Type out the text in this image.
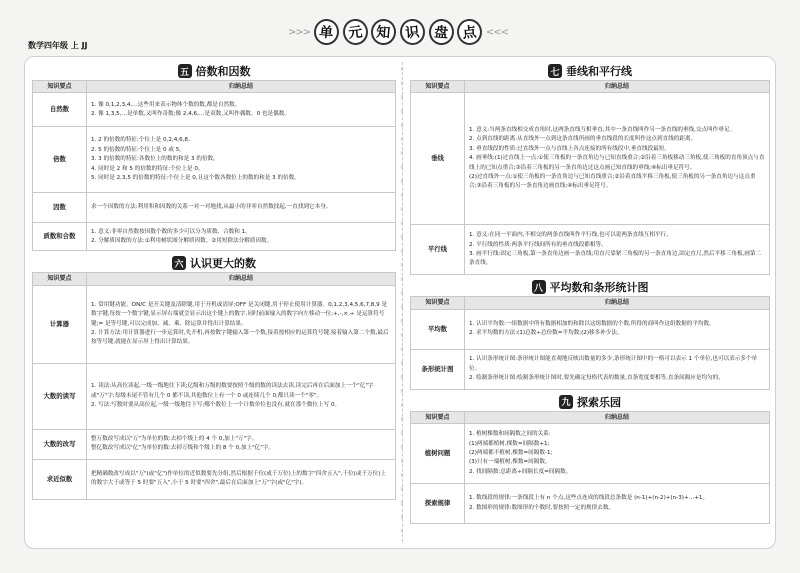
数学四年级 上 JJ
>>> 单 元 知 识 盘 点 <<<
五 倍数和因数
知识要点	归纳总结
自然数	1. 像 0,1,2,3,4,…这些用来表示物体个数的数,都是自然数。
2. 像 1,3,5,…是单数,又叫作奇数;像 2,4,6,…是双数,又叫作偶数。0 也是偶数。

倍数	1. 2 的倍数的特征:个位上是 0,2,4,6,8。
2. 5 的倍数的特征:个位上是 0 或 5。
3. 3 的倍数的特征:各数位上的数的和是 3 的倍数。
4. 同时是 2 和 5 的倍数的特征:个位上是 0。
5. 同时是 2,3,5 的倍数的特征:个位上是 0,且这个数各数位上的数的和是 3 的倍数。

因数	求一个因数的方法:利用积和因数的关系一对一对地找,从最小的非零自然数找起,一直找到它本身。

质数和合数	1. 意义:非零自然数按因数个数的多少可以分为质数、合数和 1。
2. 分解质因数的方法:①利用树状图分解质因数。②用短除法分解质因数。
六 认识更大的数
知识要点	归纳总结
计算器	1. 常用键功能。ON/C 是开关键及清除键,用于开机或清屏;OFF 是关闭键,用于停止使用计算器。0,1,2,3,4,5,6,7,8,9 是数字键,每按一个数字键,显示屏右端就会显示出这个键上的数字,同时前面输入的数字向左移动一位;+,-,×,÷ 是运算符号键;= 是等号键,可以完成加、减、乘、除运算并得出计算结果。
2. 计算方法:用计算器进行一步运算时,先开机,再按数字键输入第一个数,接着按相应的运算符号键,接着输入第二个数,最后按等号键,就能在显示屏上得出计算结果。

大数的读写	1. 读法:从高位读起,一级一级地往下读;亿级和万级的数要按照个级的数的读法去读,读完后再在后面加上一个"亿"字或"万"字;每级末尾不管有几个 0 都不读,其他数位上有一个 0 或连续几个 0,都只读一个"零"。
2. 写法:写数时要从高位起,一级一级地往下写;哪个数位上一个计数单位也没有,就在那个数位上写 0。

大数的改写	整万数改写成以"万"为单位的数:去掉个级上的 4 个 0,加上"万"字。
整亿数改写成以"亿"为单位的数:去掉万级和个级上的 8 个 0,加上"亿"字。

求近似数	把精确数改写成以"万"(或"亿")作单位的近似数要先分组,然后根据千位(或千万位)上的数字"四舍五入",千位(或千万位)上的数字大于或等于 5 时要"五入",小于 5 时要"四舍",最后在后面加上"万"字(或"亿"字)。
七 垂线和平行线
知识要点	归纳总结
垂线	1. 意义:当两条直线相交成直角时,这两条直线互相垂直,其中一条直线叫作另一条直线的垂线,交点叫作垂足。
2. 点到直线的距离:从直线外一点到这条直线所画的垂直线段的长度叫作这点到直线的距离。
3. 垂直线段的性质:过直线外一点与直线上各点连接的所有线段中,垂直线段最短。
4. 画垂线:(1)过直线上一点:①使三角板的一条直角边与已知直线重合;②沿着三角板移动三角板,使三角板的直角顶点与直线上的已知点重合;③沿着三角板的另一条直角边过这点画已知直线的垂线;④标出垂足符号。
(2)过直线外一点:①使三角板的一条直角边与已知直线重合;②沿着直线平移三角板,使三角板的另一条直角边与这点重合;③沿着三角板的另一条直角边画直线;④标出垂足符号。

平行线	1. 意义:在同一平面内,不相交的两条直线叫作平行线,也可以说两条直线互相平行。
2. 平行线的性质:两条平行线间所有的垂直线段都相等。
3. 画平行线:固定三角板,第一条直角边画一条直线;用直尺靠紧三角板的另一条直角边,固定直尺,然后平移三角板,画第二条直线。
八 平均数和条形统计图
知识要点	归纳总结
平均数	1. 认识平均数:一组数据中所有数据相加的和除以这组数据的个数,所得的商叫作这组数据的平均数。
2. 求平均数的方法:(1)总数÷总份数=平均数;(2)移多补少法。

条形统计图	1. 认识条形统计图:条形统计图能直观地反映出数量的多少,条形统计图中的一格可以表示 1 个单位,也可以表示多个单位。
2. 绘制条形统计图:绘制条形统计图时,要先确定每格代表的数量,直条宽度要相等,直条间隔应是均匀的。
九 探索乐园
知识要点	归纳总结
植树问题	1. 植树棵数和间隔数之间的关系:
(1)两端都植树,棵数=间隔数+1;
(2)两端都不植树,棵数=间隔数-1;
(3)只有一端植树,棵数=间隔数。
2. 找间隔数:总距离÷间隔长度=间隔数。

探索规律	1. 数线段的规律:一条线段上有 n 个点,这些点连成的线段总条数是 (n-1)+(n-2)+(n-3)+…+1。
2. 数图形的规律:数图形的个数时,要按照一定的规律去数。
